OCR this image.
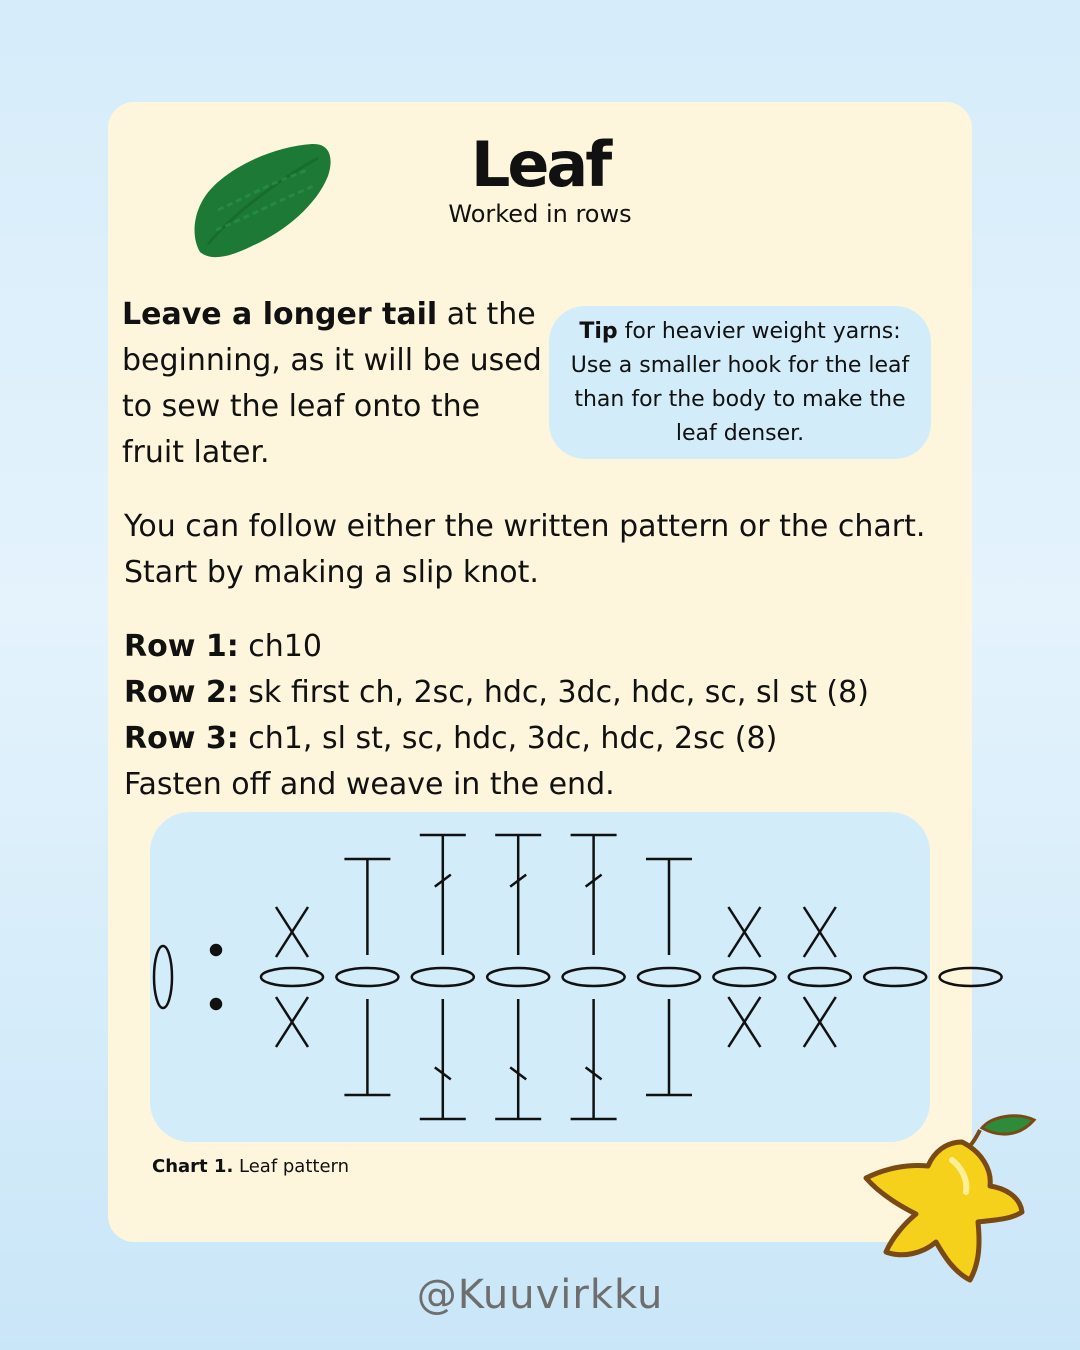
Leaf
Worked in rows

Leave a longer tail at the beginning, as it will be used to sew the leaf onto the fruit later.

Tip for heavier weight yarns: Use a smaller hook for the leaf than for the body to make the leaf denser.

You can follow either the written pattern or the chart. Start by making a slip knot.

Row 1: ch10
Row 2: sk first ch, 2sc, hdc, 3dc, hdc, sc, sl st (8)
Row 3: ch1, sl st, sc, hdc, 3dc, hdc, 2sc (8)
Fasten off and weave in the end.
Chart 1. Leaf pattern
@Kuuvirkku
